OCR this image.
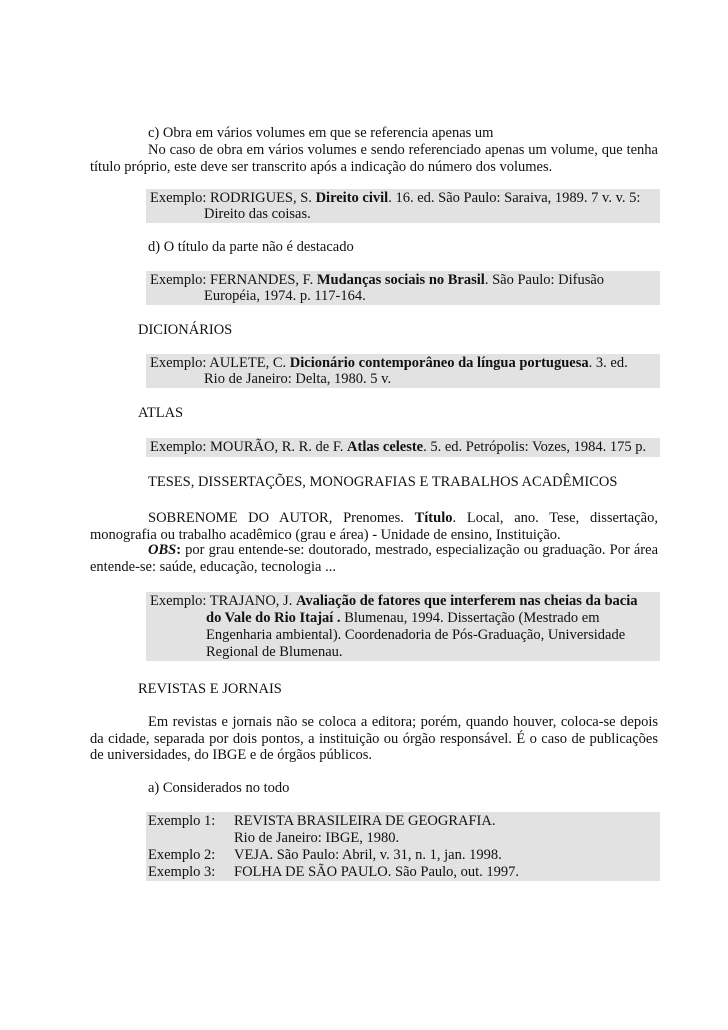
c) Obra em vários volumes em que se referencia apenas um
No caso de obra em vários volumes e sendo referenciado apenas um volume, que tenha título próprio, este deve ser transcrito após a indicação do número dos volumes.
Exemplo: RODRIGUES, S. Direito civil. 16. ed. São Paulo: Saraiva, 1989. 7 v. v. 5:
Direito das coisas.
d) O título da parte não é destacado
Exemplo: FERNANDES, F. Mudanças sociais no Brasil. São Paulo: Difusão
Européia, 1974. p. 117-164.
DICIONÁRIOS
Exemplo: AULETE, C. Dicionário contemporâneo da língua portuguesa. 3. ed.
Rio de Janeiro: Delta, 1980. 5 v.
ATLAS
Exemplo: MOURÃO, R. R. de F. Atlas celeste. 5. ed. Petrópolis: Vozes, 1984. 175 p.
TESES, DISSERTAÇÕES, MONOGRAFIAS E TRABALHOS ACADÊMICOS
SOBRENOME DO AUTOR, Prenomes. Título. Local, ano. Tese, dissertação, monografia ou trabalho acadêmico (grau e área) - Unidade de ensino, Instituição.
OBS: por grau entende-se: doutorado, mestrado, especialização ou graduação. Por área entende-se: saúde, educação, tecnologia ...
Exemplo: TRAJANO, J. Avaliação de fatores que interferem nas cheias da bacia
do Vale do Rio Itajaí . Blumenau, 1994. Dissertação (Mestrado em
Engenharia ambiental). Coordenadoria de Pós-Graduação, Universidade
Regional de Blumenau.
REVISTAS E JORNAIS
Em revistas e jornais não se coloca a editora; porém, quando houver, coloca-se depois da cidade, separada por dois pontos, a instituição ou órgão responsável. É o caso de publicações de universidades, do IBGE e de órgãos públicos.
a) Considerados no todo
Exemplo 1: REVISTA BRASILEIRA DE GEOGRAFIA.
Rio de Janeiro: IBGE, 1980.
Exemplo 2: VEJA. São Paulo: Abril, v. 31, n. 1, jan. 1998.
Exemplo 3: FOLHA DE SÃO PAULO. São Paulo, out. 1997.
